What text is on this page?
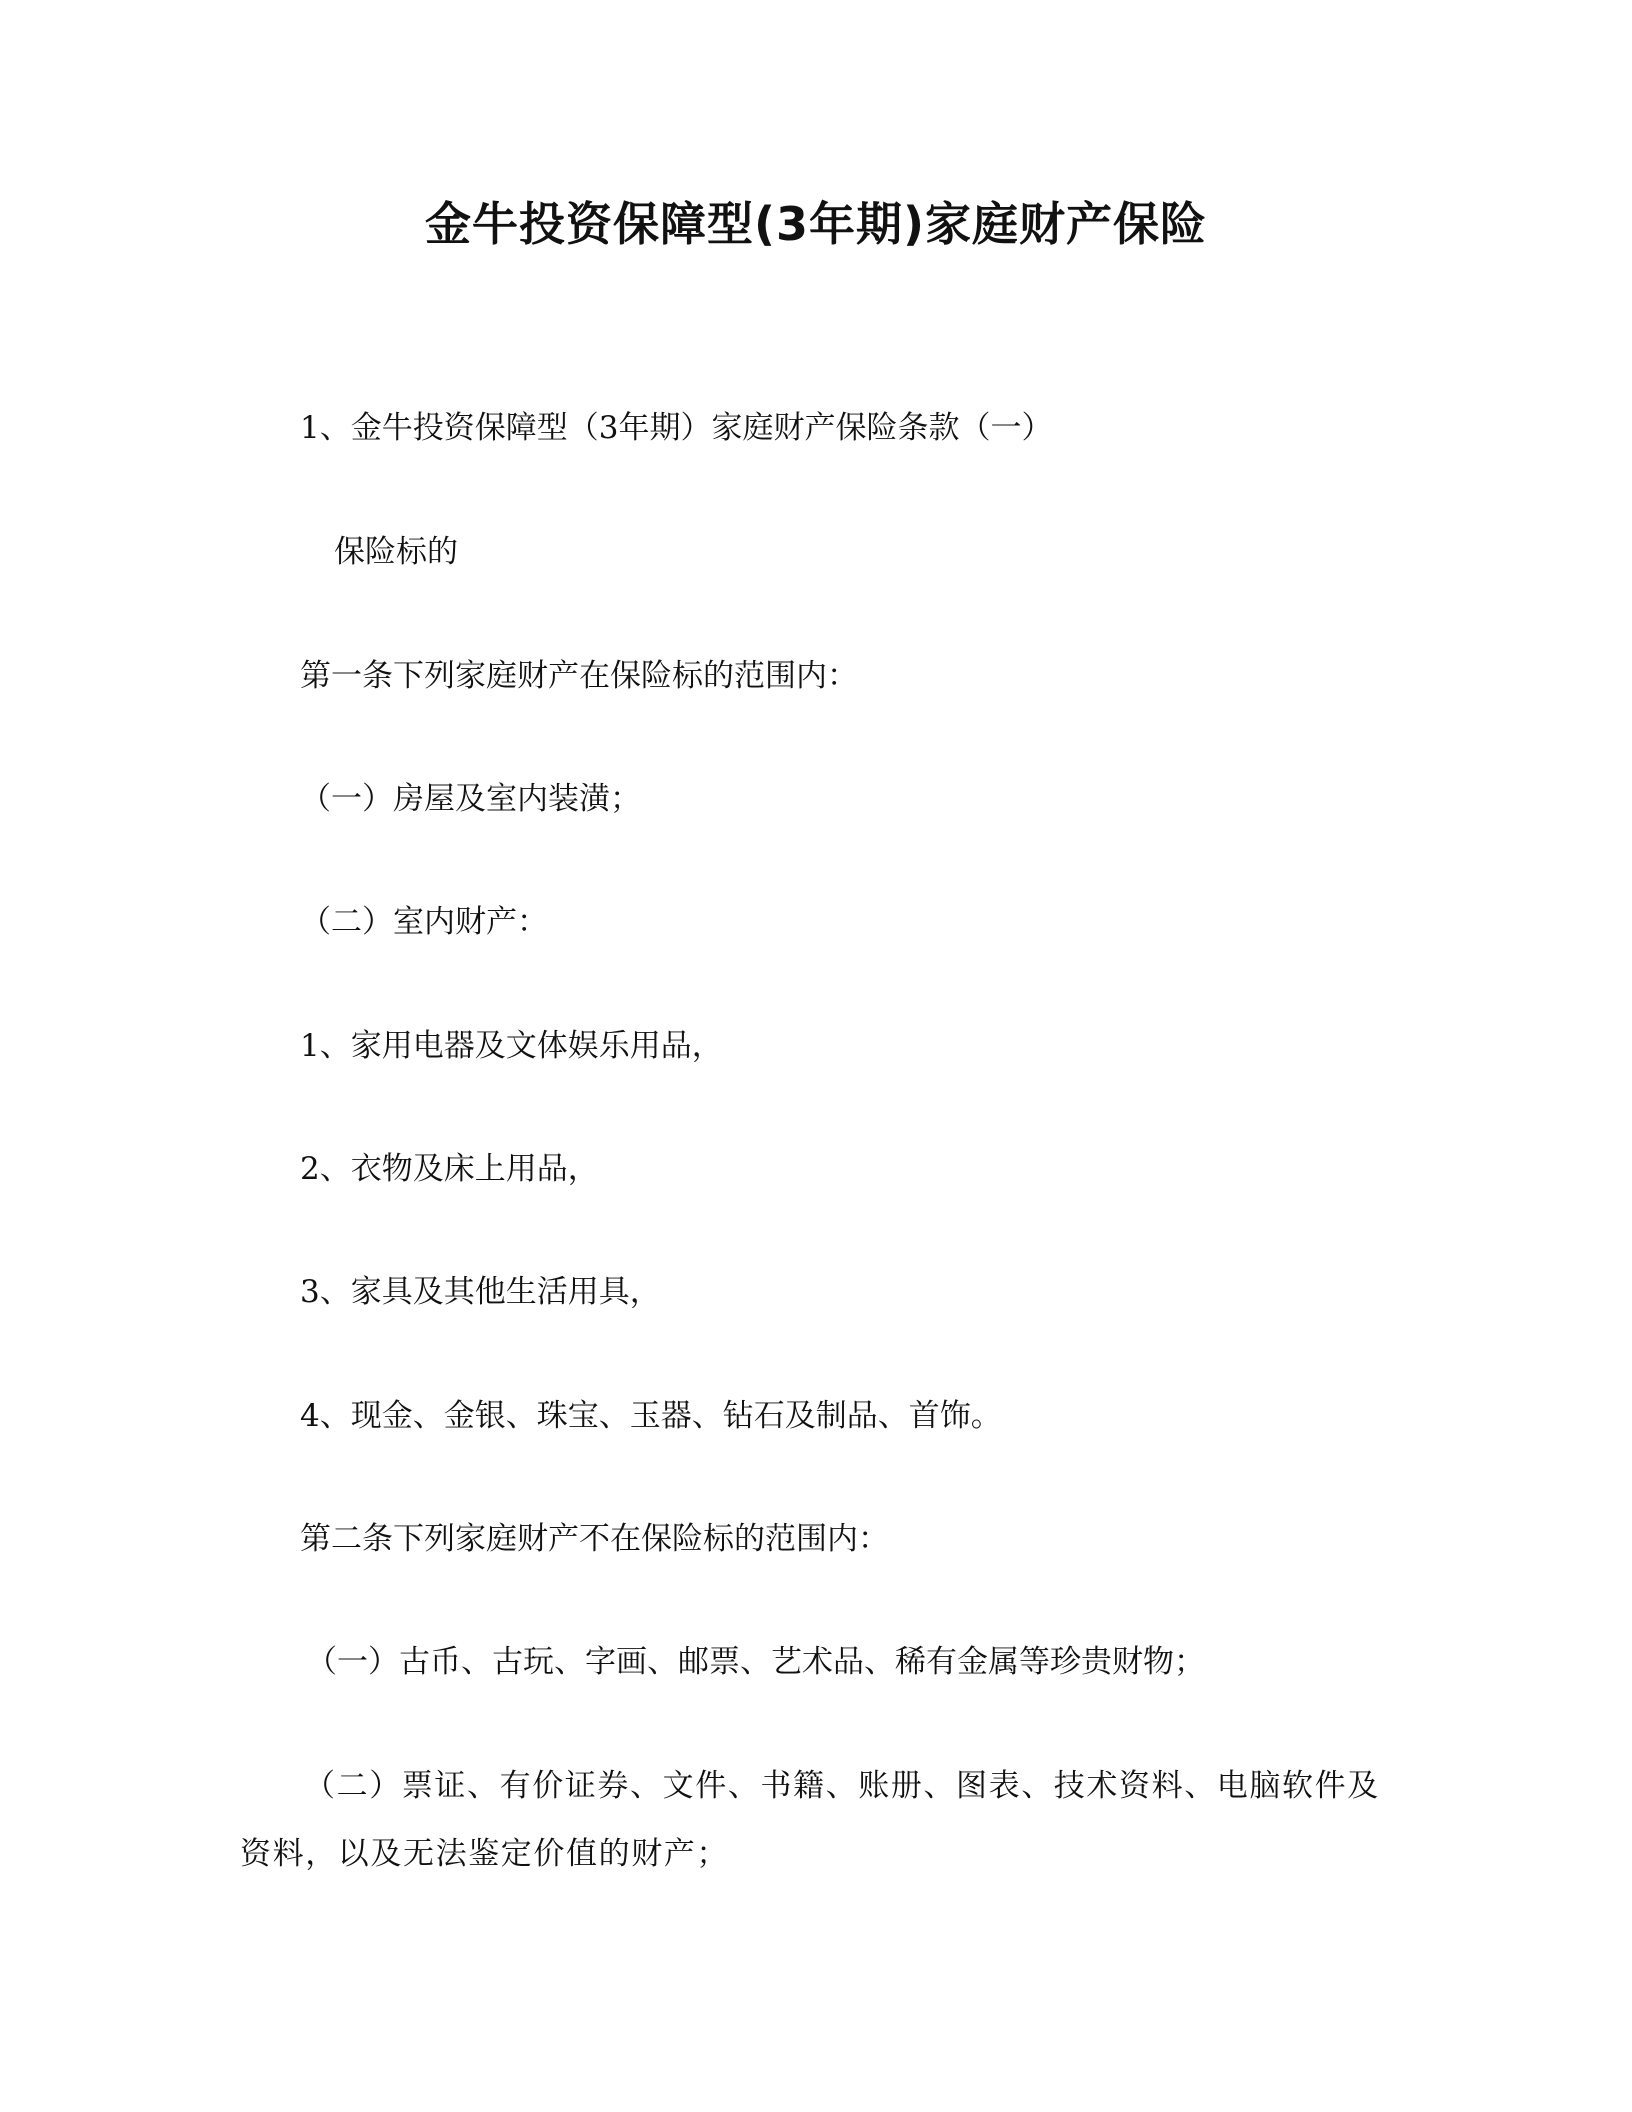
金牛投资保障型(3年期)家庭财产保险

1、金牛投资保障型（3年期）家庭财产保险条款（一）

保险标的

第一条下列家庭财产在保险标的范围内：

（一）房屋及室内装潢；

（二）室内财产：

1、家用电器及文体娱乐用品，

2、衣物及床上用品，

3、家具及其他生活用具，

4、现金、金银、珠宝、玉器、钻石及制品、首饰。

第二条下列家庭财产不在保险标的范围内：

（一）古币、古玩、字画、邮票、艺术品、稀有金属等珍贵财物；

（二）票证、有价证券、文件、书籍、账册、图表、技术资料、电脑软件及资料，以及无法鉴定价值的财产；
